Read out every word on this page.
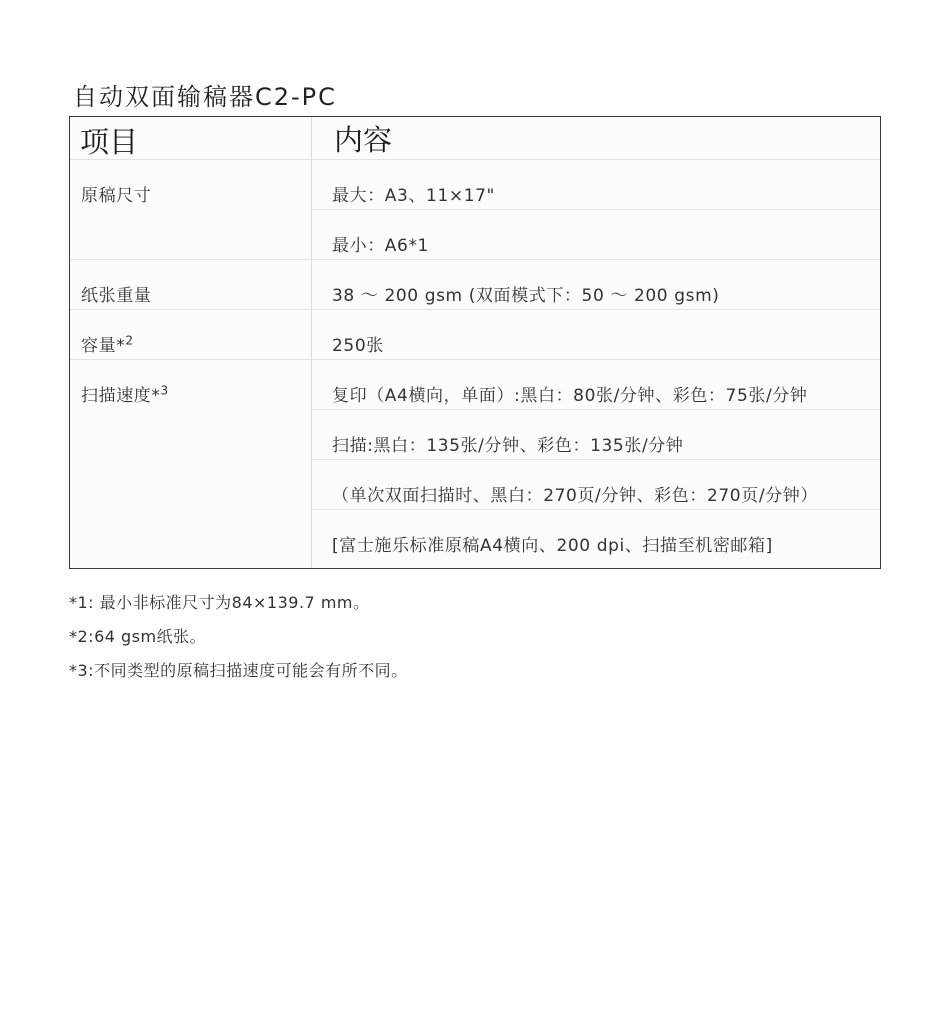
自动双面输稿器C2-PC
项目	内容
原稿尺寸	最大：A3、11×17"
最小：A6*1
纸张重量	38 ～ 200 gsm (双面模式下：50 ～ 200 gsm)
容量*$^2$	250张
扫描速度*$^3$	复印（A4横向，单面）:黑白：80张/分钟、彩色：75张/分钟
扫描:黑白：135张/分钟、彩色：135张/分钟
（单次双面扫描时、黑白：270页/分钟、彩色：270页/分钟）
[富士施乐标准原稿A4横向、200 dpi、扫描至机密邮箱]
*1: 最小非标准尺寸为84×139.7 mm。
*2:64 gsm纸张。
*3:不同类型的原稿扫描速度可能会有所不同。
